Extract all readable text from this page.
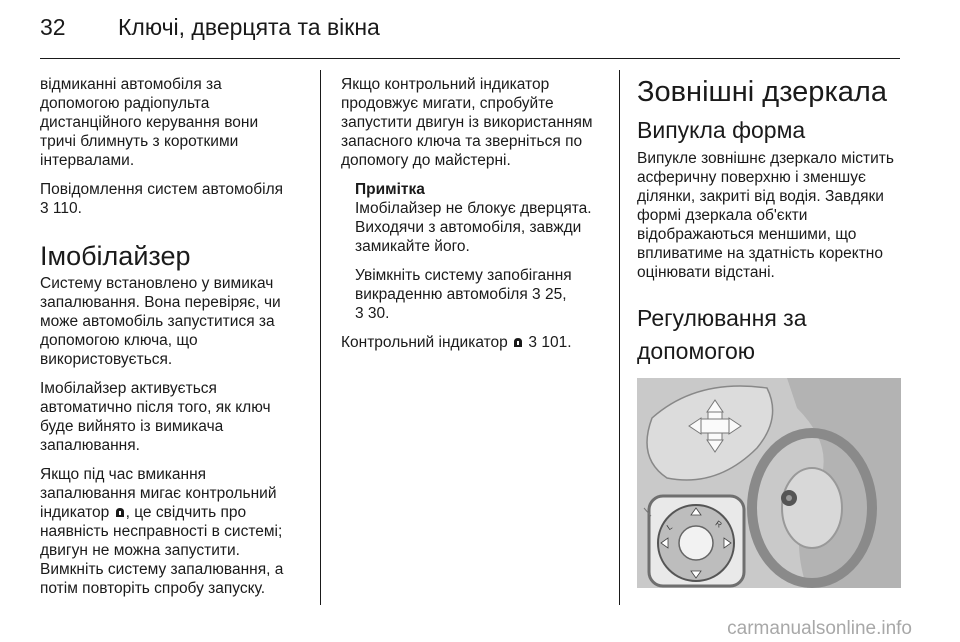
32 Ключі, дверцята та вікна

відмиканні автомобіля за
допомогою радіопульта
дистанційного керування вони
тричі блимнуть з короткими
інтервалами.

Повідомлення систем автомобіля
3 110.

Імобілайзер

Систему встановлено у вимикач
запалювання. Вона перевіряє, чи
може автомобіль запуститися за
допомогою ключа, що
використовується.

Імобілайзер активується
автоматично після того, як ключ
буде вийнято із вимикача
запалювання.

Якщо під час вмикання
запалювання мигає контрольний
індикатор
, це свідчить про
наявність несправності в системі;
двигун не можна запустити.
Вимкніть систему запалювання, а
потім повторіть спробу запуску.

Якщо контрольний індикатор
продовжує мигати, спробуйте
запустити двигун із використанням
запасного ключа та зверніться по
допомогу до майстерні.

Примітка

Імобілайзер не блокує дверцята.
Виходячи з автомобіля, завжди
замикайте його.

Увімкніть систему запобігання
викраденню автомобіля 3 25,
3 30.

Контрольний індикатор
3 101.

Зовнішні дзеркала
Випукла форма

Випукле зовнішнє дзеркало містить
асферичну поверхню і зменшує
ділянки, закриті від водія. Завдяки
формі дзеркала об'єкти
відображаються меншими, що
впливатиме на здатність коректно
оцінювати відстані.

Регулювання за
допомогою

L	R
carmanualsonline.info
